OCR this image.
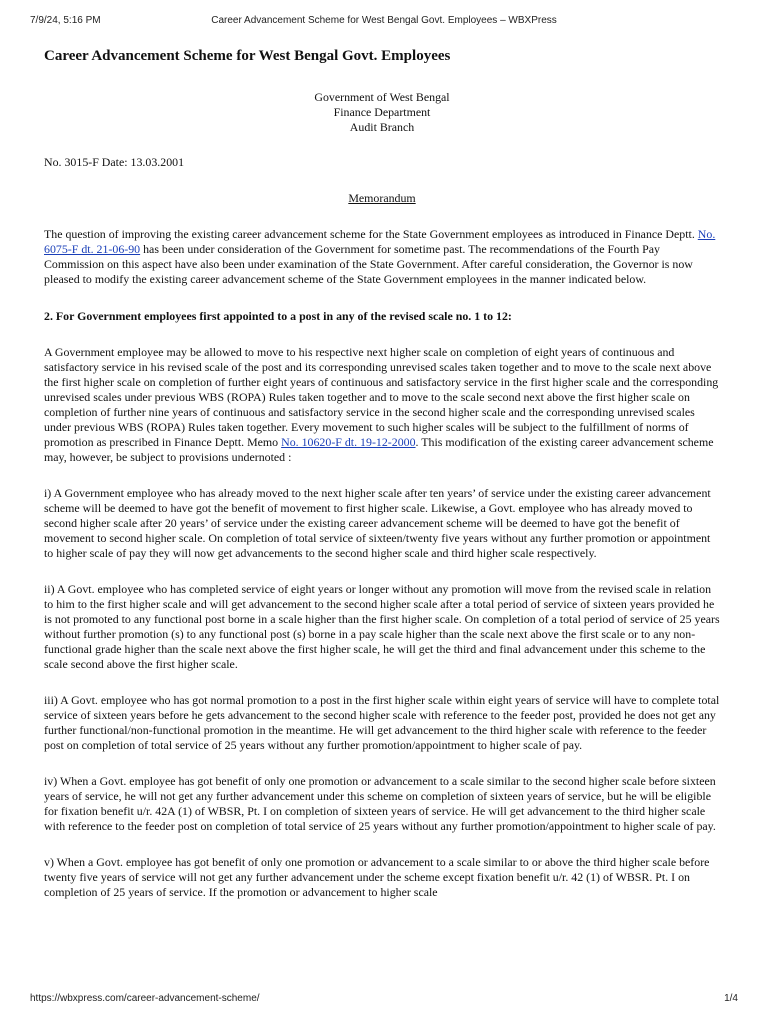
7/9/24, 5:16 PM	Career Advancement Scheme for West Bengal Govt. Employees – WBXPress
Career Advancement Scheme for West Bengal Govt. Employees

Government of West Bengal

Finance Department

Audit Branch

No. 3015-F Date: 13.03.2001

Memorandum

The question of improving the existing career advancement scheme for the State Government employees as introduced in Finance Deptt. No. 6075-F dt. 21-06-90 has been under consideration of the Government for sometime past. The recommendations of the Fourth Pay Commission on this aspect have also been under examination of the State Government. After careful consideration, the Governor is now pleased to modify the existing career advancement scheme of the State Government employees in the manner indicated below.

2. For Government employees first appointed to a post in any of the revised scale no. 1 to 12:

A Government employee may be allowed to move to his respective next higher scale on completion of eight years of continuous and satisfactory service in his revised scale of the post and its corresponding unrevised scales taken together and to move to the scale next above the first higher scale on completion of further eight years of continuous and satisfactory service in the first higher scale and the corresponding unrevised scales under previous WBS (ROPA) Rules taken together and to move to the scale second next above the first higher scale on completion of further nine years of continuous and satisfactory service in the second higher scale and the corresponding unrevised scales under previous WBS (ROPA) Rules taken together. Every movement to such higher scales will be subject to the fulfillment of norms of promotion as prescribed in Finance Deptt. Memo No. 10620-F dt. 19-12-2000. This modification of the existing career advancement scheme may, however, be subject to provisions undernoted :

i) A Government employee who has already moved to the next higher scale after ten years’ of service under the existing career advancement scheme will be deemed to have got the benefit of movement to first higher scale. Likewise, a Govt. employee who has already moved to second higher scale after 20 years’ of service under the existing career advancement scheme will be deemed to have got the benefit of movement to second higher scale. On completion of total service of sixteen/twenty five years without any further promotion or appointment to higher scale of pay they will now get advancements to the second higher scale and third higher scale respectively.

ii) A Govt. employee who has completed service of eight years or longer without any promotion will move from the revised scale in relation to him to the first higher scale and will get advancement to the second higher scale after a total period of service of sixteen years provided he is not promoted to any functional post borne in a scale higher than the first higher scale. On completion of a total period of service of 25 years without further promotion (s) to any functional post (s) borne in a pay scale higher than the scale next above the first scale or to any non-functional grade higher than the scale next above the first higher scale, he will get the third and final advancement under this scheme to the scale second above the first higher scale.

iii) A Govt. employee who has got normal promotion to a post in the first higher scale within eight years of service will have to complete total service of sixteen years before he gets advancement to the second higher scale with reference to the feeder post, provided he does not get any further functional/non-functional promotion in the meantime. He will get advancement to the third higher scale with reference to the feeder post on completion of total service of 25 years without any further promotion/appointment to higher scale of pay.

iv) When a Govt. employee has got benefit of only one promotion or advancement to a scale similar to the second higher scale before sixteen years of service, he will not get any further advancement under this scheme on completion of sixteen years of service, but he will be eligible for fixation benefit u/r. 42A (1) of WBSR, Pt. I on completion of sixteen years of service. He will get advancement to the third higher scale with reference to the feeder post on completion of total service of 25 years without any further promotion/appointment to higher scale of pay.

v) When a Govt. employee has got benefit of only one promotion or advancement to a scale similar to or above the third higher scale before twenty five years of service will not get any further advancement under the scheme except fixation benefit u/r. 42 (1) of WBSR. Pt. I on completion of 25 years of service. If the promotion or advancement to higher scale

https://wbxpress.com/career-advancement-scheme/	1/4
